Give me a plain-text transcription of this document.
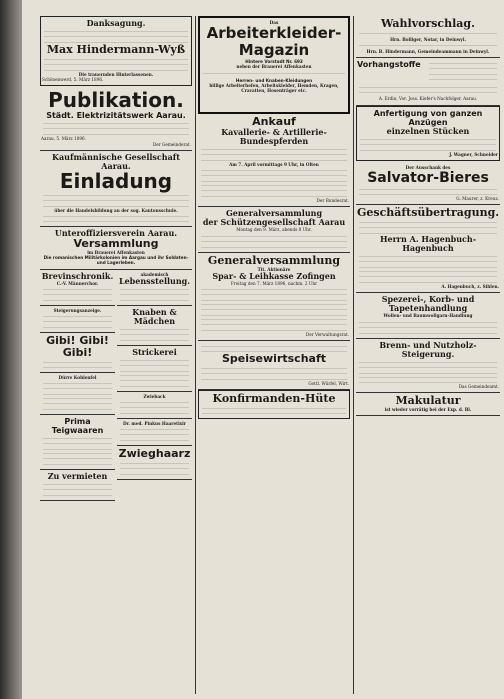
Danksagung.
Max Hindermann-Wyß
Die trauernden Hinterlassenen.
Schönenwerd, 5. März 1896.
Publikation.
Städt. Elektrizitätswerk Aarau.
Aarau, 5. März 1896.
Der Gemeinderat.
Kaufmännische Gesellschaft Aarau.
Einladung
über die Handelsbildung an der sog. Kantonsschule.
Unteroffiziersverein Aarau.
Versammlung
im Brauerei Affenkasten
Die romanischen Militärkolonien im Aargau und ihr Soldaten- und Lagerleben.
Brevinschronik.
C.-V. Männerchor.
Steigerungsanzeige.
Gibi! Gibi! Gibi!
Dürre Kohlenfel
Prima Teigwaaren
Zu vermieten
akademisch
Lebensstellung.
Knaben & Mädchen
Strickerei
Zwieback
Dr. med. Pinkus Haaretixir
Zwieghaarz
Das
Arbeiterkleider-Magazin
Hintere Vorstadt Nr. 693
neben der Brauerei Affenkasten
Herren- und Knaben-Kleidungen
billige Arbeiterhefen, Arbeitskleider, Hemden, Kragen, Cravatten, Hosenträger etc.
Ankauf
Kavallerie- & Artillerie-Bundespferden
Am 7. April vormittags 9 Uhr, in Olten
Der Bundesrat.
Generalversammlung
der Schützengesellschaft Aarau
Montag den 9. März, abends 8 Uhr.
Generalversammlung
Tit. Aktionäre
Spar- & Leihkasse Zofingen
Freitag den 7. März 1896, nachm. 2 Uhr
Der Verwaltungsrat.
Speisewirtschaft
Gottl. Würfel, Wirt.
Konfirmanden-Hüte
Wahlvorschlag.
Hrn. Bolliger, Notar, in Deinwyl.
Hrn. B. Hindermann, Gemeindeammann in Deinwyl.
Vorhangstoffe
A. Erdin, Vor. Joss. Kiefer's Nachfolger, Aarau.
Anfertigung von ganzen Anzügen
einzelnen Stücken
J. Wagner, Schneider
Der Ausschank des
Salvator-Bieres
G. Maurer, z. Kreuz.
Geschäftsübertragung.
Herrn A. Hagenbuch-Hagenbuch
A. Hagenbuch, z. Sihlen.
Spezerei-, Korb- und Tapetenhandlung
Wollen- und Baumwollgarn-Handlung
Brenn- und Nutzholz-Steigerung.
Das Gemeindeamt.
Makulatur
ist wieder vorrätig bei der Exp. d. Bl.
